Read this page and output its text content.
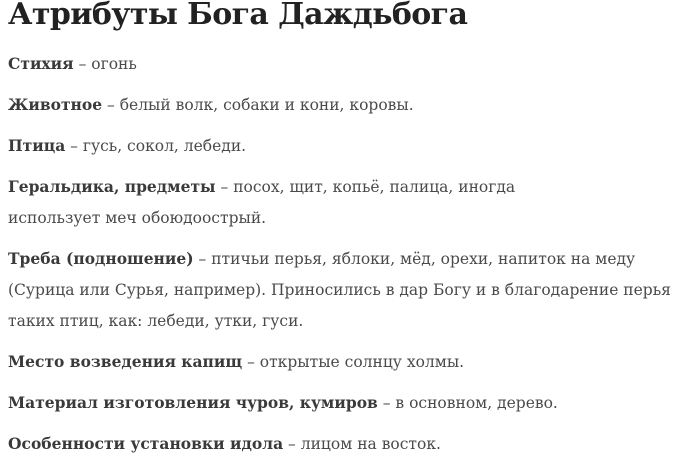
Атрибуты Бога Даждьбога

Стихия – огонь

Животное – белый волк, собаки и кони, коровы.

Птица – гусь, сокол, лебеди.

Геральдика, предметы – посох, щит, копьё, палица, иногда использует меч обоюдоострый.

Треба (подношение) – птичьи перья, яблоки, мёд, орехи, напиток на меду (Сурица или Сурья, например). Приносились в дар Богу и в благодарение перья таких птиц, как: лебеди, утки, гуси.

Место возведения капищ – открытые солнцу холмы.

Материал изготовления чуров, кумиров – в основном, дерево.

Особенности установки идола – лицом на восток.
